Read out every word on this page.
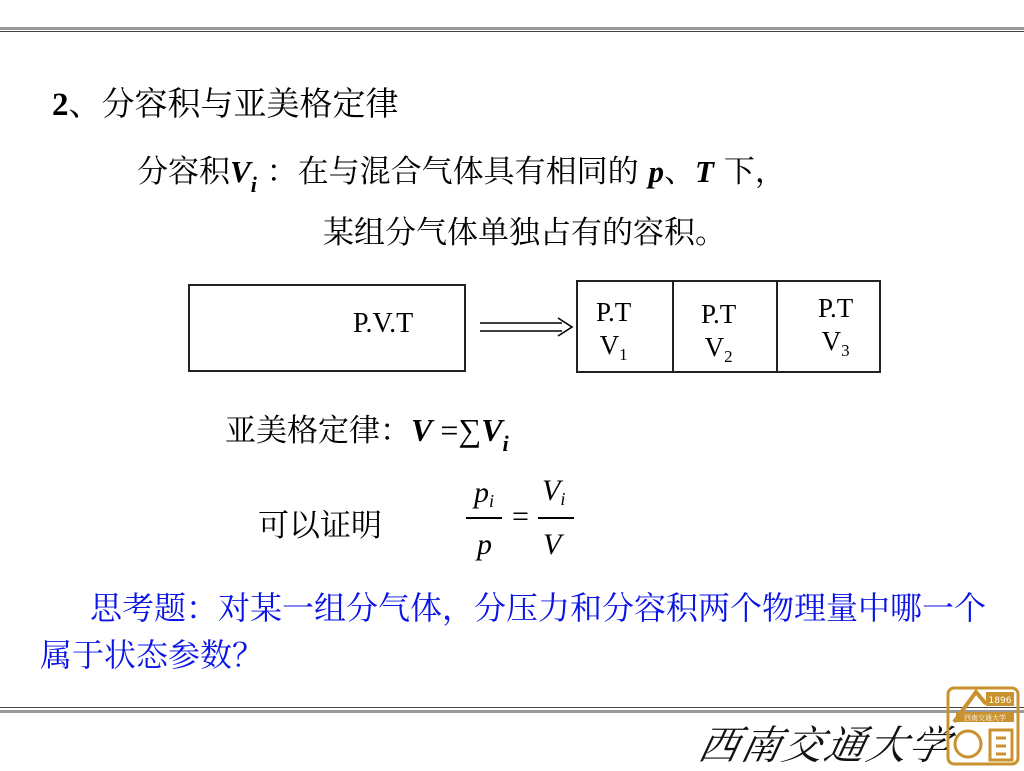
2、分容积与亚美格定律
分容积$V_i$ ：在与混合气体具有相同的 p、T 下，
某组分气体单独占有的容积。
P.V.T	P.T
$V_1$
P.T
$V_2$
P.T
$V_3$
亚美格定律：$V =\sum V_i$
可以证明
pi
p
=
Vi
V
思考题：对某一组分气体，分压力和分容积两个物理量中哪一个属于状态参数？
西南交通大学
1896
西南交通大学
